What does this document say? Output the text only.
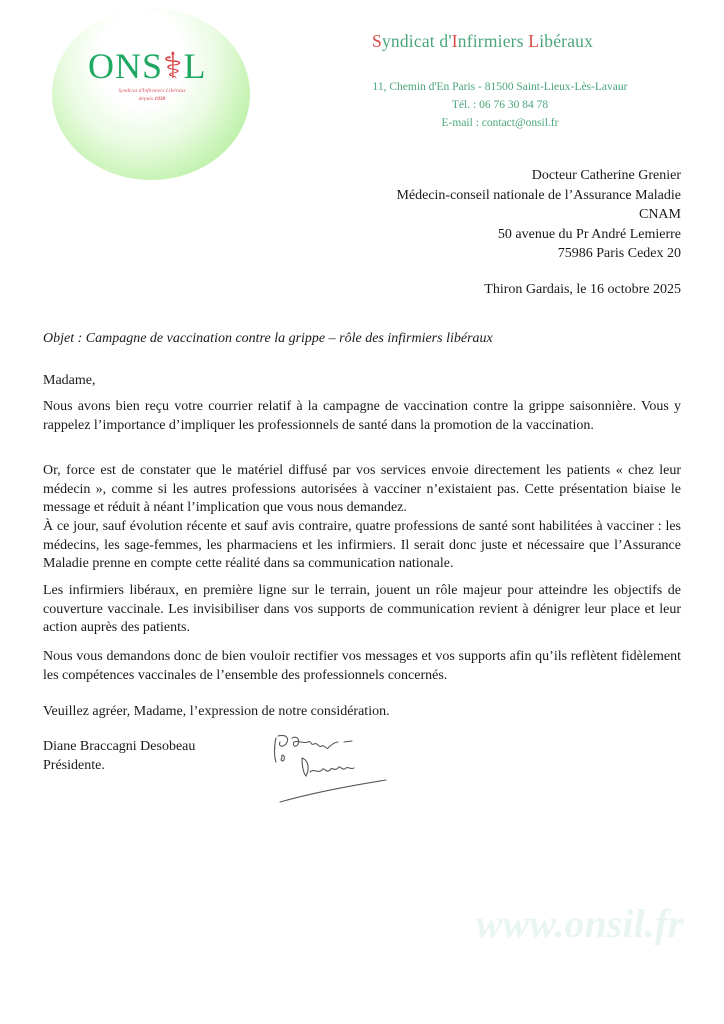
ONS⚕L
Syndicat d'Infirmiers Libéraux
depuis 1930
Syndicat d'Infirmiers Libéraux
11, Chemin d'En Paris - 81500 Saint-Lieux-Lès-Lavaur
Tél. : 06 76 30 84 78
E-mail : contact@onsil.fr
Docteur Catherine Grenier
Médecin-conseil nationale de l’Assurance Maladie
CNAM
50 avenue du Pr André Lemierre
75986 Paris Cedex 20
Thiron Gardais, le 16 octobre 2025
Objet : Campagne de vaccination contre la grippe – rôle des infirmiers libéraux
Madame,
Nous avons bien reçu votre courrier relatif à la campagne de vaccination contre la grippe saisonnière. Vous y rappelez l’importance d’impliquer les professionnels de santé dans la promotion de la vaccination.
Or, force est de constater que le matériel diffusé par vos services envoie directement les patients « chez leur médecin », comme si les autres professions autorisées à vacciner n’existaient pas. Cette présentation biaise le message et réduit à néant l’implication que vous nous demandez.
À ce jour, sauf évolution récente et sauf avis contraire, quatre professions de santé sont habilitées à vacciner : les médecins, les sage-femmes, les pharmaciens et les infirmiers. Il serait donc juste et nécessaire que l’Assurance Maladie prenne en compte cette réalité dans sa communication nationale.
Les infirmiers libéraux, en première ligne sur le terrain, jouent un rôle majeur pour atteindre les objectifs de couverture vaccinale. Les invisibiliser dans vos supports de communication revient à dénigrer leur place et leur action auprès des patients.
Nous vous demandons donc de bien vouloir rectifier vos messages et vos supports afin qu’ils reflètent fidèlement les compétences vaccinales de l’ensemble des professionnels concernés.
Veuillez agréer, Madame, l’expression de notre considération.
Diane Braccagni Desobeau
Présidente.
www.onsil.fr
